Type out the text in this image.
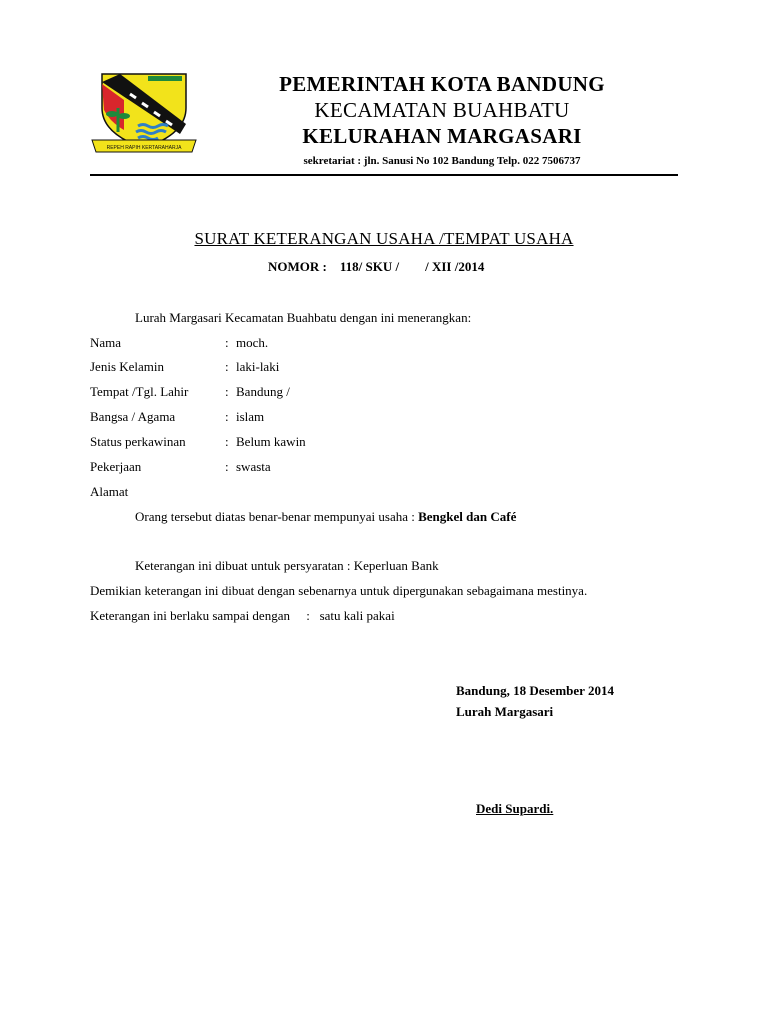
REPEH RAPIH KERTARAHARJA
PEMERINTAH KOTA BANDUNG
KECAMATAN BUAHBATU
KELURAHAN MARGASARI
sekretariat : jln. Sanusi No 102 Bandung Telp. 022 7506737
SURAT KETERANGAN USAHA /TEMPAT USAHA
NOMOR :    118/ SKU /        / XII /2014
Lurah Margasari Kecamatan Buahbatu dengan ini menerangkan:
Nama	: moch.
Jenis Kelamin	: laki-laki
Tempat /Tgl. Lahir	: Bandung /
Bangsa / Agama	: islam
Status perkawinan	: Belum kawin
Pekerjaan	: swasta
Alamat
Orang tersebut diatas benar-benar mempunyai usaha : Bengkel dan Café
Keterangan ini dibuat untuk persyaratan : Keperluan Bank
Demikian keterangan ini dibuat dengan sebenarnya untuk dipergunakan sebagaimana mestinya.
Keterangan ini berlaku sampai dengan     :   satu kali pakai
Bandung, 18 Desember 2014
Lurah Margasari
Dedi Supardi.
